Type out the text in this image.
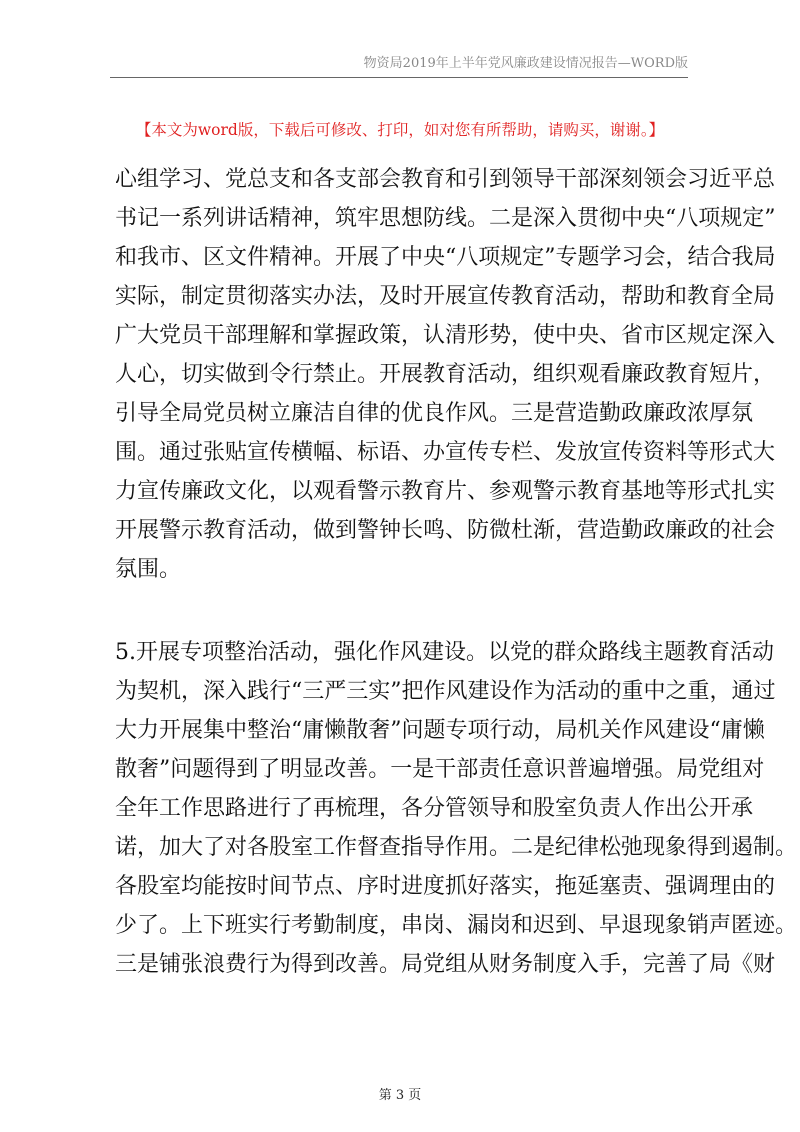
物资局2019年上半年党风廉政建设情况报告—WORD版
【本文为word版，下载后可修改、打印，如对您有所帮助，请购买，谢谢。】
心组学习、党总支和各支部会教育和引到领导干部深刻领会习近平总
书记一系列讲话精神，筑牢思想防线。二是深入贯彻中央“八项规定”
和我市、区文件精神。开展了中央“八项规定”专题学习会，结合我局
实际，制定贯彻落实办法，及时开展宣传教育活动，帮助和教育全局
广大党员干部理解和掌握政策，认清形势，使中央、省市区规定深入
人心，切实做到令行禁止。开展教育活动，组织观看廉政教育短片，
引导全局党员树立廉洁自律的优良作风。三是营造勤政廉政浓厚氛
围。通过张贴宣传横幅、标语、办宣传专栏、发放宣传资料等形式大
力宣传廉政文化，以观看警示教育片、参观警示教育基地等形式扎实
开展警示教育活动，做到警钟长鸣、防微杜渐，营造勤政廉政的社会
氛围。
5.开展专项整治活动，强化作风建设。以党的群众路线主题教育活动
为契机，深入践行“三严三实”把作风建设作为活动的重中之重，通过
大力开展集中整治“庸懒散奢”问题专项行动，局机关作风建设“庸懒
散奢”问题得到了明显改善。一是干部责任意识普遍增强。局党组对
全年工作思路进行了再梳理，各分管领导和股室负责人作出公开承
诺，加大了对各股室工作督查指导作用。二是纪律松弛现象得到遏制。
各股室均能按时间节点、序时进度抓好落实，拖延塞责、强调理由的
少了。上下班实行考勤制度，串岗、漏岗和迟到、早退现象销声匿迹。
三是铺张浪费行为得到改善。局党组从财务制度入手，完善了局《财
第 3 页
